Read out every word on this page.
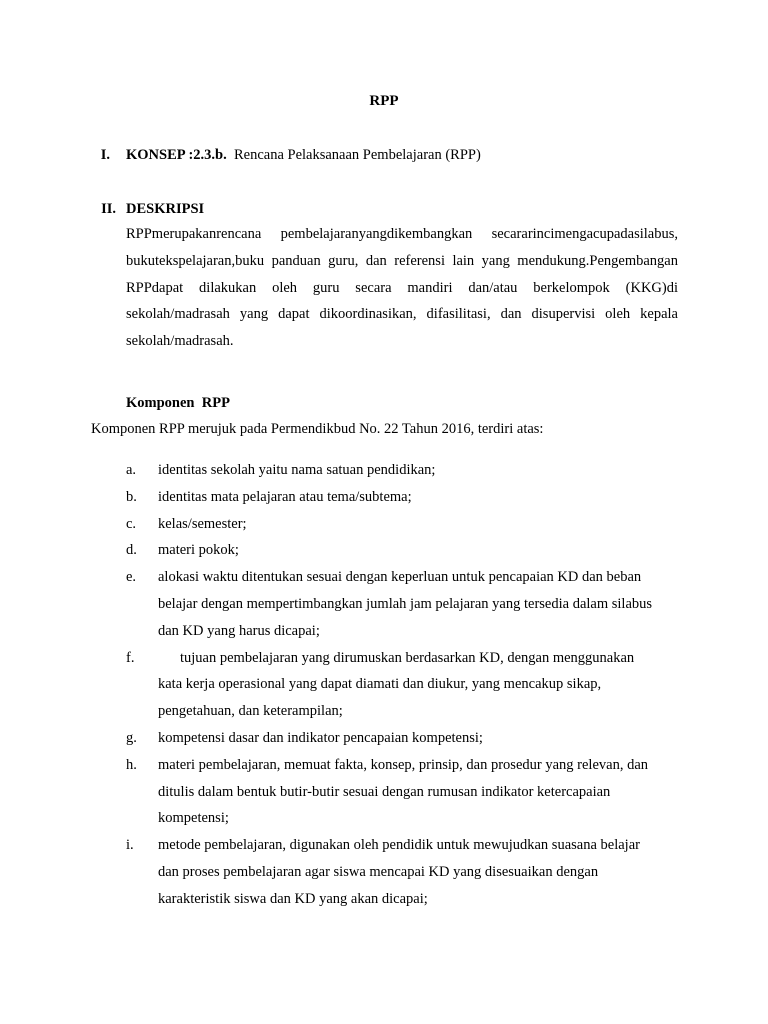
RPP
I. KONSEP :2.3.b. Rencana Pelaksanaan Pembelajaran (RPP)
II. DESKRIPSI
RPPmerupakanrencana pembelajaranyangdikembangkan secararincimengacupadasilabus,
bukutekspelajaran,buku panduan guru, dan referensi lain yang mendukung.Pengembangan
RPPdapat dilakukan oleh guru secara mandiri dan/atau berkelompok (KKG)di
sekolah/madrasah yang dapat dikoordinasikan, difasilitasi, dan disupervisi oleh kepala
sekolah/madrasah.
Komponen  RPP
Komponen RPP merujuk pada Permendikbud No. 22 Tahun 2016, terdiri atas:
a.	identitas sekolah yaitu nama satuan pendidikan;
b.	identitas mata pelajaran atau tema/subtema;
c.	kelas/semester;
d.	materi pokok;
e.	alokasi waktu ditentukan sesuai dengan keperluan untuk pencapaian KD dan beban
belajar dengan mempertimbangkan jumlah jam pelajaran yang tersedia dalam silabus
dan KD yang harus dicapai;
f.	tujuan pembelajaran yang dirumuskan berdasarkan KD, dengan menggunakan
kata kerja operasional yang dapat diamati dan diukur, yang mencakup sikap,
pengetahuan, dan keterampilan;
g.	kompetensi dasar dan indikator pencapaian kompetensi;
h.	materi pembelajaran, memuat fakta, konsep, prinsip, dan prosedur yang relevan, dan
ditulis dalam bentuk butir-butir sesuai dengan rumusan indikator ketercapaian
kompetensi;
i.	metode pembelajaran, digunakan oleh pendidik untuk mewujudkan suasana belajar
dan proses pembelajaran agar siswa mencapai KD yang disesuaikan dengan
karakteristik siswa dan KD yang akan dicapai;
